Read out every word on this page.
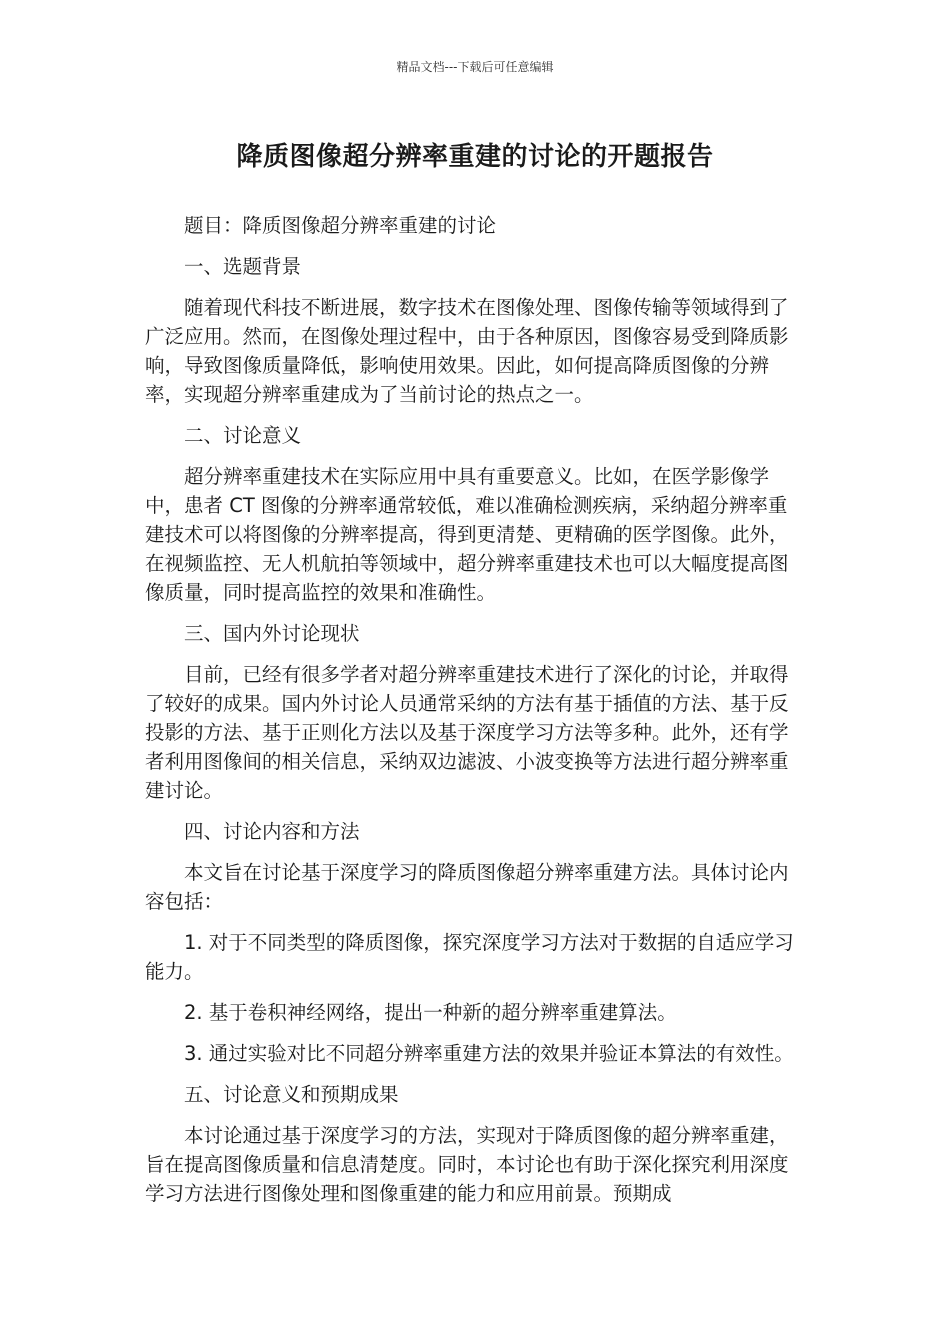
精品文档---下载后可任意编辑
降质图像超分辨率重建的讨论的开题报告

题目：降质图像超分辨率重建的讨论

一、选题背景

随着现代科技不断进展，数字技术在图像处理、图像传输等领域得到了广泛应用。然而，在图像处理过程中，由于各种原因，图像容易受到降质影响，导致图像质量降低，影响使用效果。因此，如何提高降质图像的分辨率，实现超分辨率重建成为了当前讨论的热点之一。

二、讨论意义

超分辨率重建技术在实际应用中具有重要意义。比如，在医学影像学中，患者 CT 图像的分辨率通常较低，难以准确检测疾病，采纳超分辨率重建技术可以将图像的分辨率提高，得到更清楚、更精确的医学图像。此外，在视频监控、无人机航拍等领域中，超分辨率重建技术也可以大幅度提高图像质量，同时提高监控的效果和准确性。

三、国内外讨论现状

目前，已经有很多学者对超分辨率重建技术进行了深化的讨论，并取得了较好的成果。国内外讨论人员通常采纳的方法有基于插值的方法、基于反投影的方法、基于正则化方法以及基于深度学习方法等多种。此外，还有学者利用图像间的相关信息，采纳双边滤波、小波变换等方法进行超分辨率重建讨论。

四、讨论内容和方法

本文旨在讨论基于深度学习的降质图像超分辨率重建方法。具体讨论内容包括：

1. 对于不同类型的降质图像，探究深度学习方法对于数据的自适应学习能力。

2. 基于卷积神经网络，提出一种新的超分辨率重建算法。

3. 通过实验对比不同超分辨率重建方法的效果并验证本算法的有效性。

五、讨论意义和预期成果

本讨论通过基于深度学习的方法，实现对于降质图像的超分辨率重建，旨在提高图像质量和信息清楚度。同时，本讨论也有助于深化探究利用深度学习方法进行图像处理和图像重建的能力和应用前景。预期成
